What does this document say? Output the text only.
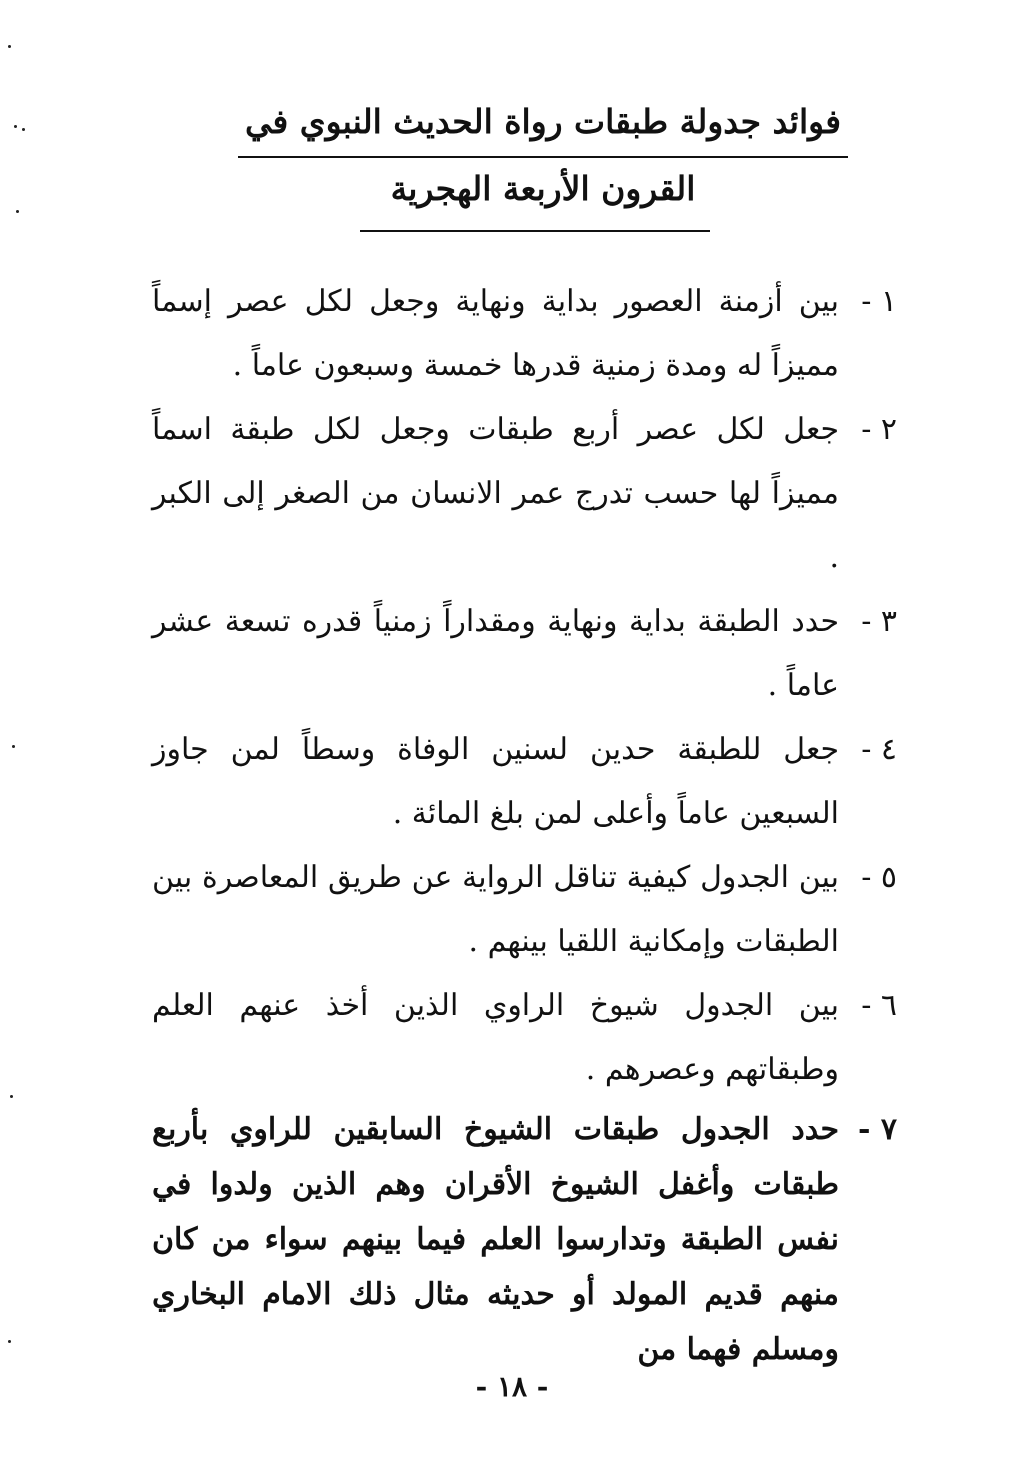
فوائد جدولة طبقات رواة الحديث النبوي في
القرون الأربعة الهجرية
١ -
بين أزمنة العصور بداية ونهاية وجعل لكل عصر إسماً مميزاً له ومدة زمنية قدرها خمسة وسبعون عاماً .
٢ -
جعل لكل عصر أربع طبقات وجعل لكل طبقة اسماً مميزاً لها حسب تدرج عمر الانسان من الصغر إلى الكبر .
٣ -
حدد الطبقة بداية ونهاية ومقداراً زمنياً قدره تسعة عشر عاماً .
٤ -
جعل للطبقة حدين لسنين الوفاة وسطاً لمن جاوز السبعين عاماً وأعلى لمن بلغ المائة .
٥ -
بين الجدول كيفية تناقل الرواية عن طريق المعاصرة بين الطبقات وإمكانية اللقيا بينهم .
٦ -
بين الجدول شيوخ الراوي الذين أخذ عنهم العلم وطبقاتهم وعصرهم .
٧ -
حدد الجدول طبقات الشيوخ السابقين للراوي بأربع طبقات وأغفل الشيوخ الأقران وهم الذين ولدوا في نفس الطبقة وتدارسوا العلم فيما بينهم سواء من كان منهم قديم المولد أو حديثه مثال ذلك الامام البخاري ومسلم فهما من
- ١٨ -
